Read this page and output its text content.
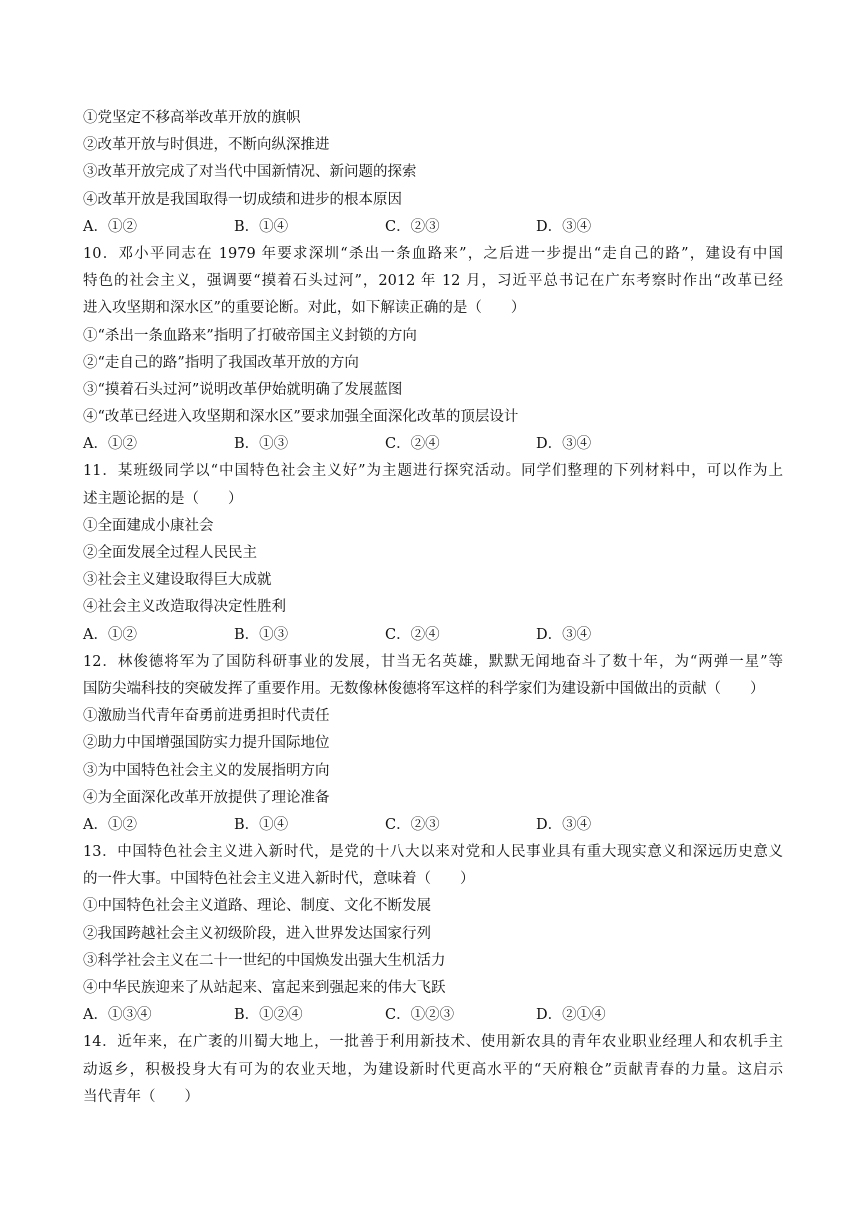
①党坚定不移高举改革开放的旗帜
②改革开放与时俱进，不断向纵深推进
③改革开放完成了对当代中国新情况、新问题的探索
④改革开放是我国取得一切成绩和进步的根本原因
A．①②	B．①④	C．②③	D．③④
10．邓小平同志在 1979 年要求深圳“杀出一条血路来”，之后进一步提出“走自己的路”，建设有中国
特色的社会主义，强调要“摸着石头过河”，2012 年 12 月，习近平总书记在广东考察时作出“改革已经
进入攻坚期和深水区”的重要论断。对此，如下解读正确的是（　　）
①“杀出一条血路来”指明了打破帝国主义封锁的方向
②“走自己的路”指明了我国改革开放的方向
③“摸着石头过河”说明改革伊始就明确了发展蓝图
④“改革已经进入攻坚期和深水区”要求加强全面深化改革的顶层设计
A．①②	B．①③	C．②④	D．③④
11．某班级同学以“中国特色社会主义好”为主题进行探究活动。同学们整理的下列材料中，可以作为上
述主题论据的是（　　）
①全面建成小康社会
②全面发展全过程人民民主
③社会主义建设取得巨大成就
④社会主义改造取得决定性胜利
A．①②	B．①③	C．②④	D．③④
12．林俊德将军为了国防科研事业的发展，甘当无名英雄，默默无闻地奋斗了数十年，为“两弹一星”等
国防尖端科技的突破发挥了重要作用。无数像林俊德将军这样的科学家们为建设新中国做出的贡献（　　）
①激励当代青年奋勇前进勇担时代责任
②助力中国增强国防实力提升国际地位
③为中国特色社会主义的发展指明方向
④为全面深化改革开放提供了理论准备
A．①②	B．①④	C．②③	D．③④
13．中国特色社会主义进入新时代，是党的十八大以来对党和人民事业具有重大现实意义和深远历史意义
的一件大事。中国特色社会主义进入新时代，意味着（　　）
①中国特色社会主义道路、理论、制度、文化不断发展
②我国跨越社会主义初级阶段，进入世界发达国家行列
③科学社会主义在二十一世纪的中国焕发出强大生机活力
④中华民族迎来了从站起来、富起来到强起来的伟大飞跃
A．①③④	B．①②④	C．①②③	D．②①④
14．近年来，在广袤的川蜀大地上，一批善于利用新技术、使用新农具的青年农业职业经理人和农机手主
动返乡，积极投身大有可为的农业天地，为建设新时代更高水平的“天府粮仓”贡献青春的力量。这启示
当代青年（　　）
